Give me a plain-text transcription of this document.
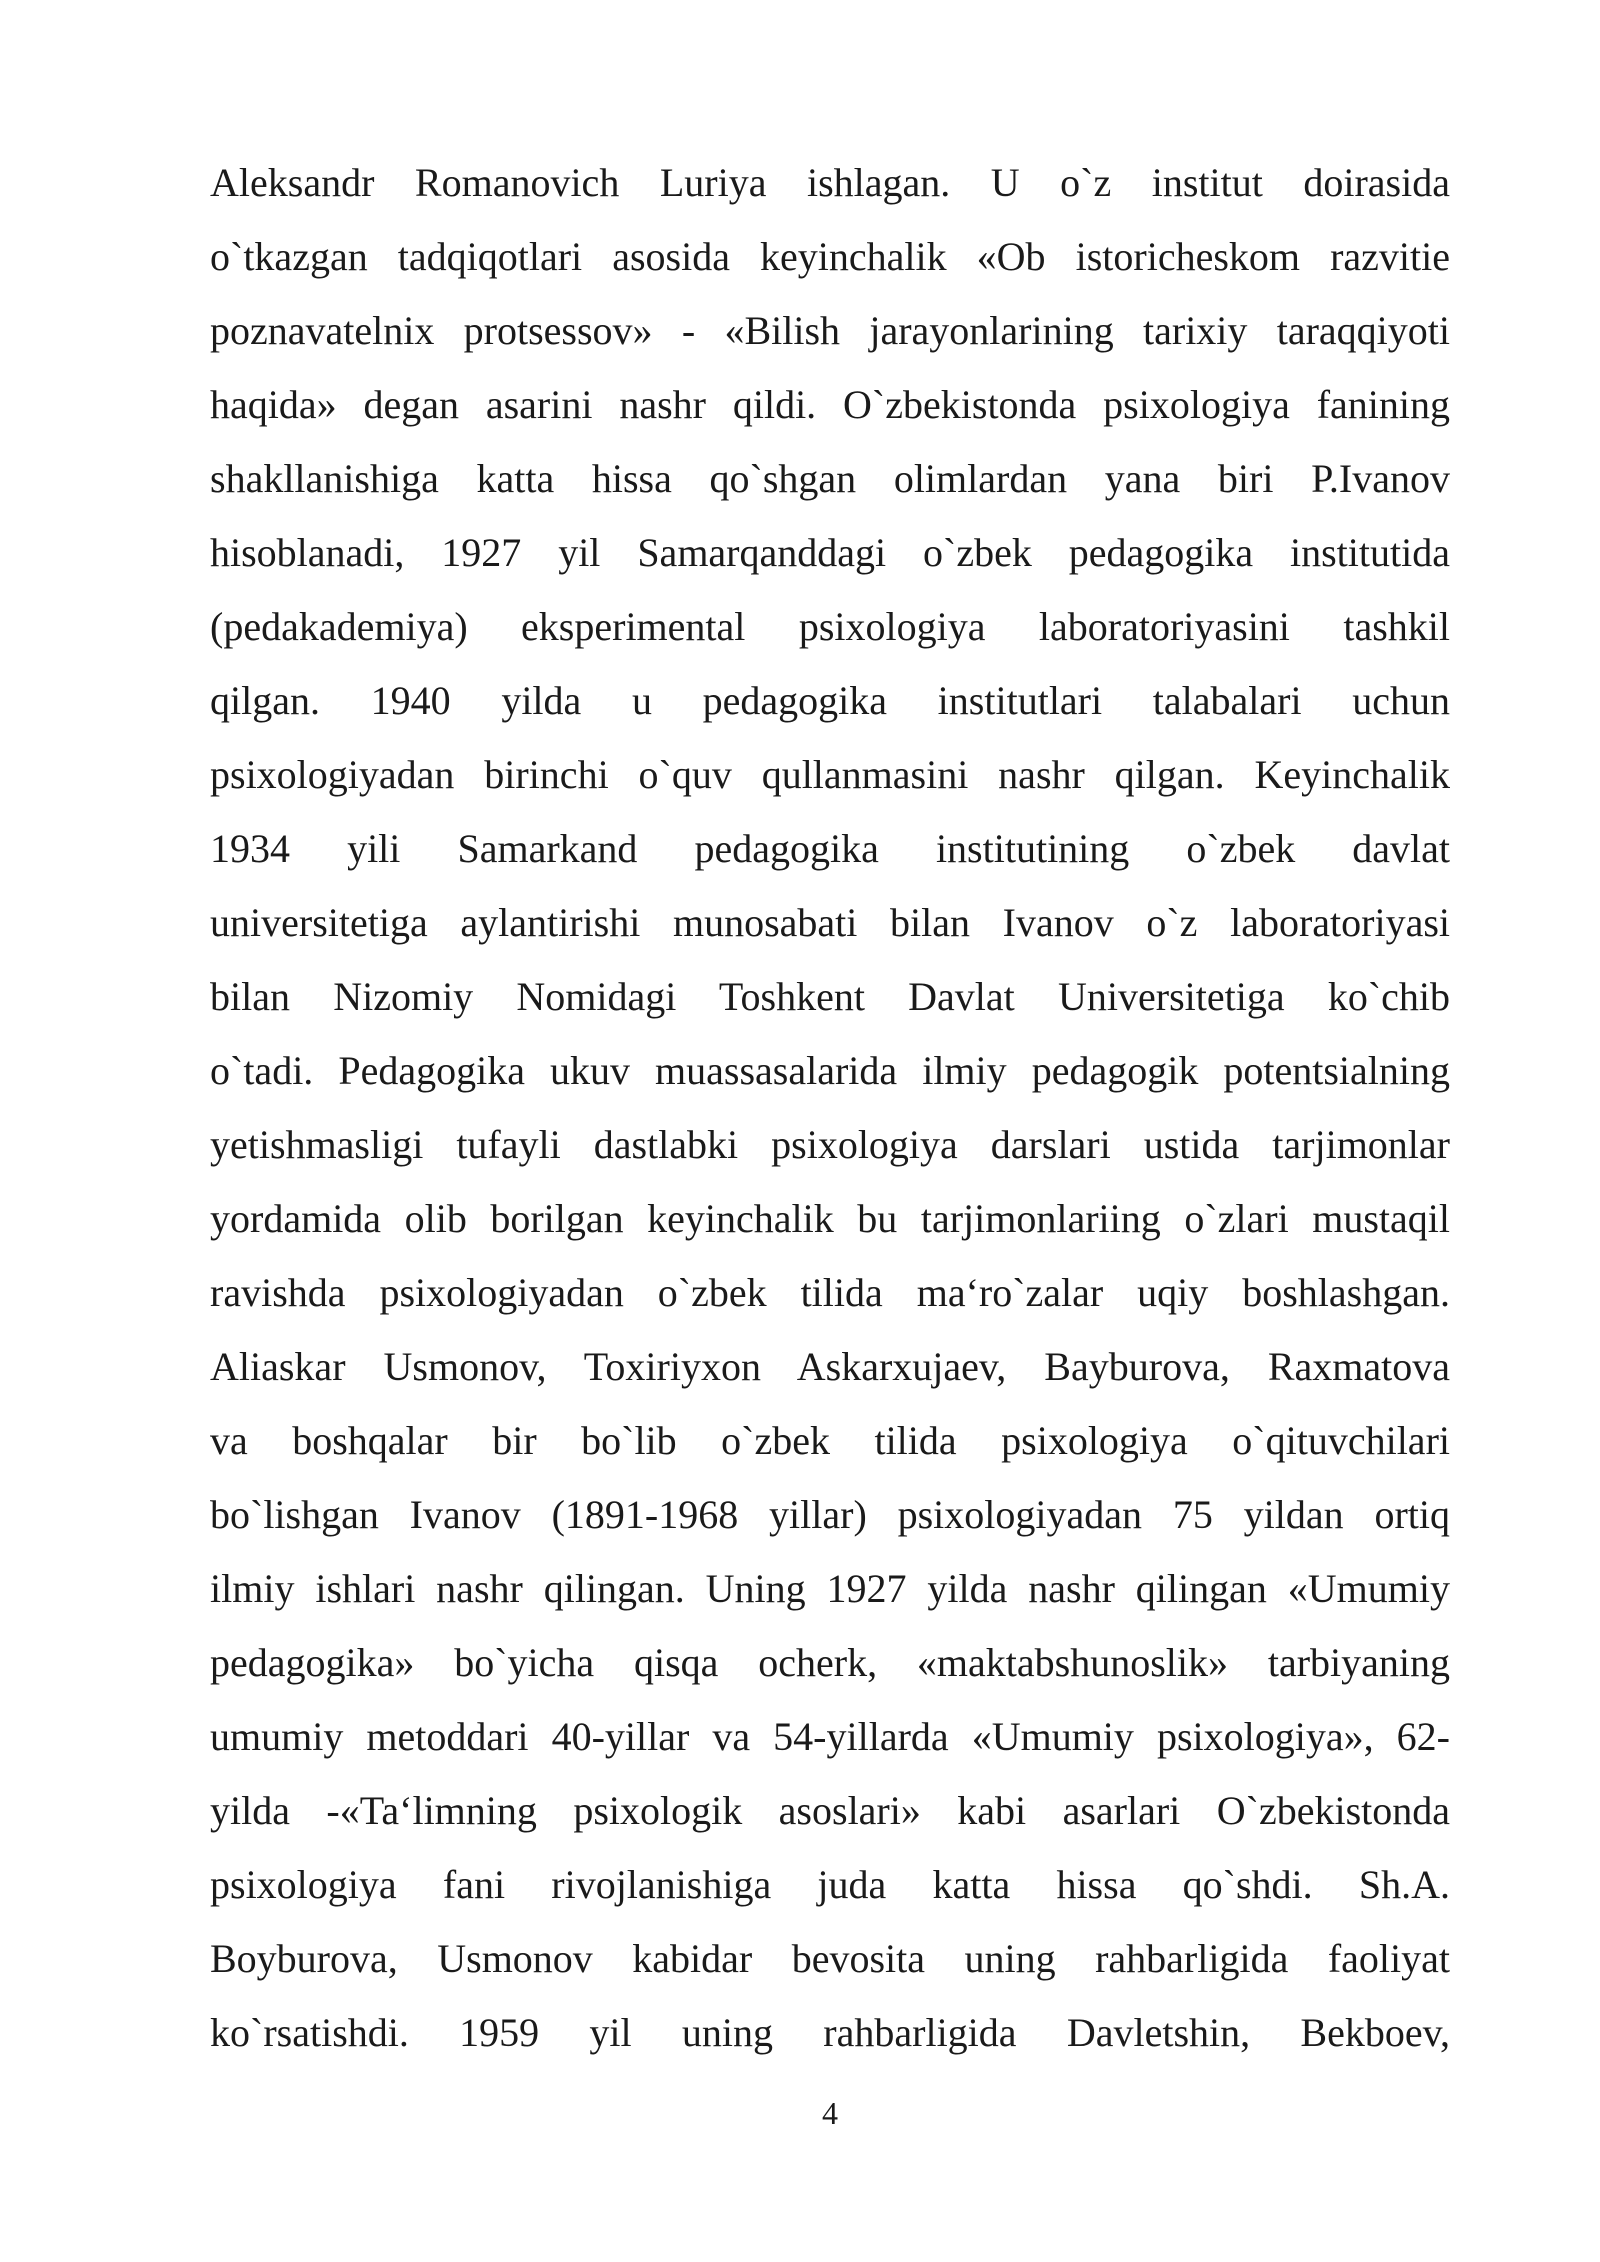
Aleksandr Romanovich Luriya ishlagan. U o`z institut doirasida
o`tkazgan tadqiqotlari asosida keyinchalik «Ob istoricheskom razvitie
poznavatelnix protsessov» - «Bilish jarayonlarining tarixiy taraqqiyoti
haqida» degan asarini nashr qildi. O`zbekistonda psixologiya fanining
shakllanishiga katta hissa qo`shgan olimlardan yana biri P.Ivanov
hisoblanadi, 1927 yil Samarqanddagi o`zbek pedagogika institutida
(pedakademiya) eksperimental psixologiya laboratoriyasini tashkil
qilgan. 1940 yilda u pedagogika institutlari talabalari uchun
psixologiyadan birinchi o`quv qullanmasini nashr qilgan. Keyinchalik
1934 yili Samarkand pedagogika institutining o`zbek davlat
universitetiga aylantirishi munosabati bilan Ivanov o`z laboratoriyasi
bilan Nizomiy Nomidagi Toshkent Davlat Universitetiga ko`chib
o`tadi. Pedagogika ukuv muassasalarida ilmiy pedagogik potentsialning
yetishmasligi tufayli dastlabki psixologiya darslari ustida tarjimonlar
yordamida olib borilgan keyinchalik bu tarjimonlariing o`zlari mustaqil
ravishda psixologiyadan o`zbek tilida ma‘ro`zalar uqiy boshlashgan.
Aliaskar Usmonov, Toxiriyxon Askarxujaev, Bayburova, Raxmatova
va boshqalar bir bo`lib o`zbek tilida psixologiya o`qituvchilari
bo`lishgan Ivanov (1891-1968 yillar) psixologiyadan 75 yildan ortiq
ilmiy ishlari nashr qilingan. Uning 1927 yilda nashr qilingan «Umumiy
pedagogika» bo`yicha qisqa ocherk, «maktabshunoslik» tarbiyaning
umumiy metoddari 40-yillar va 54-yillarda «Umumiy psixologiya», 62-
yilda -«Ta‘limning psixologik asoslari» kabi asarlari O`zbekistonda
psixologiya fani rivojlanishiga juda katta hissa qo`shdi. Sh.A.
Boyburova, Usmonov kabidar bevosita uning rahbarligida faoliyat
ko`rsatishdi. 1959 yil uning rahbarligida Davletshin, Bekboev,
4
